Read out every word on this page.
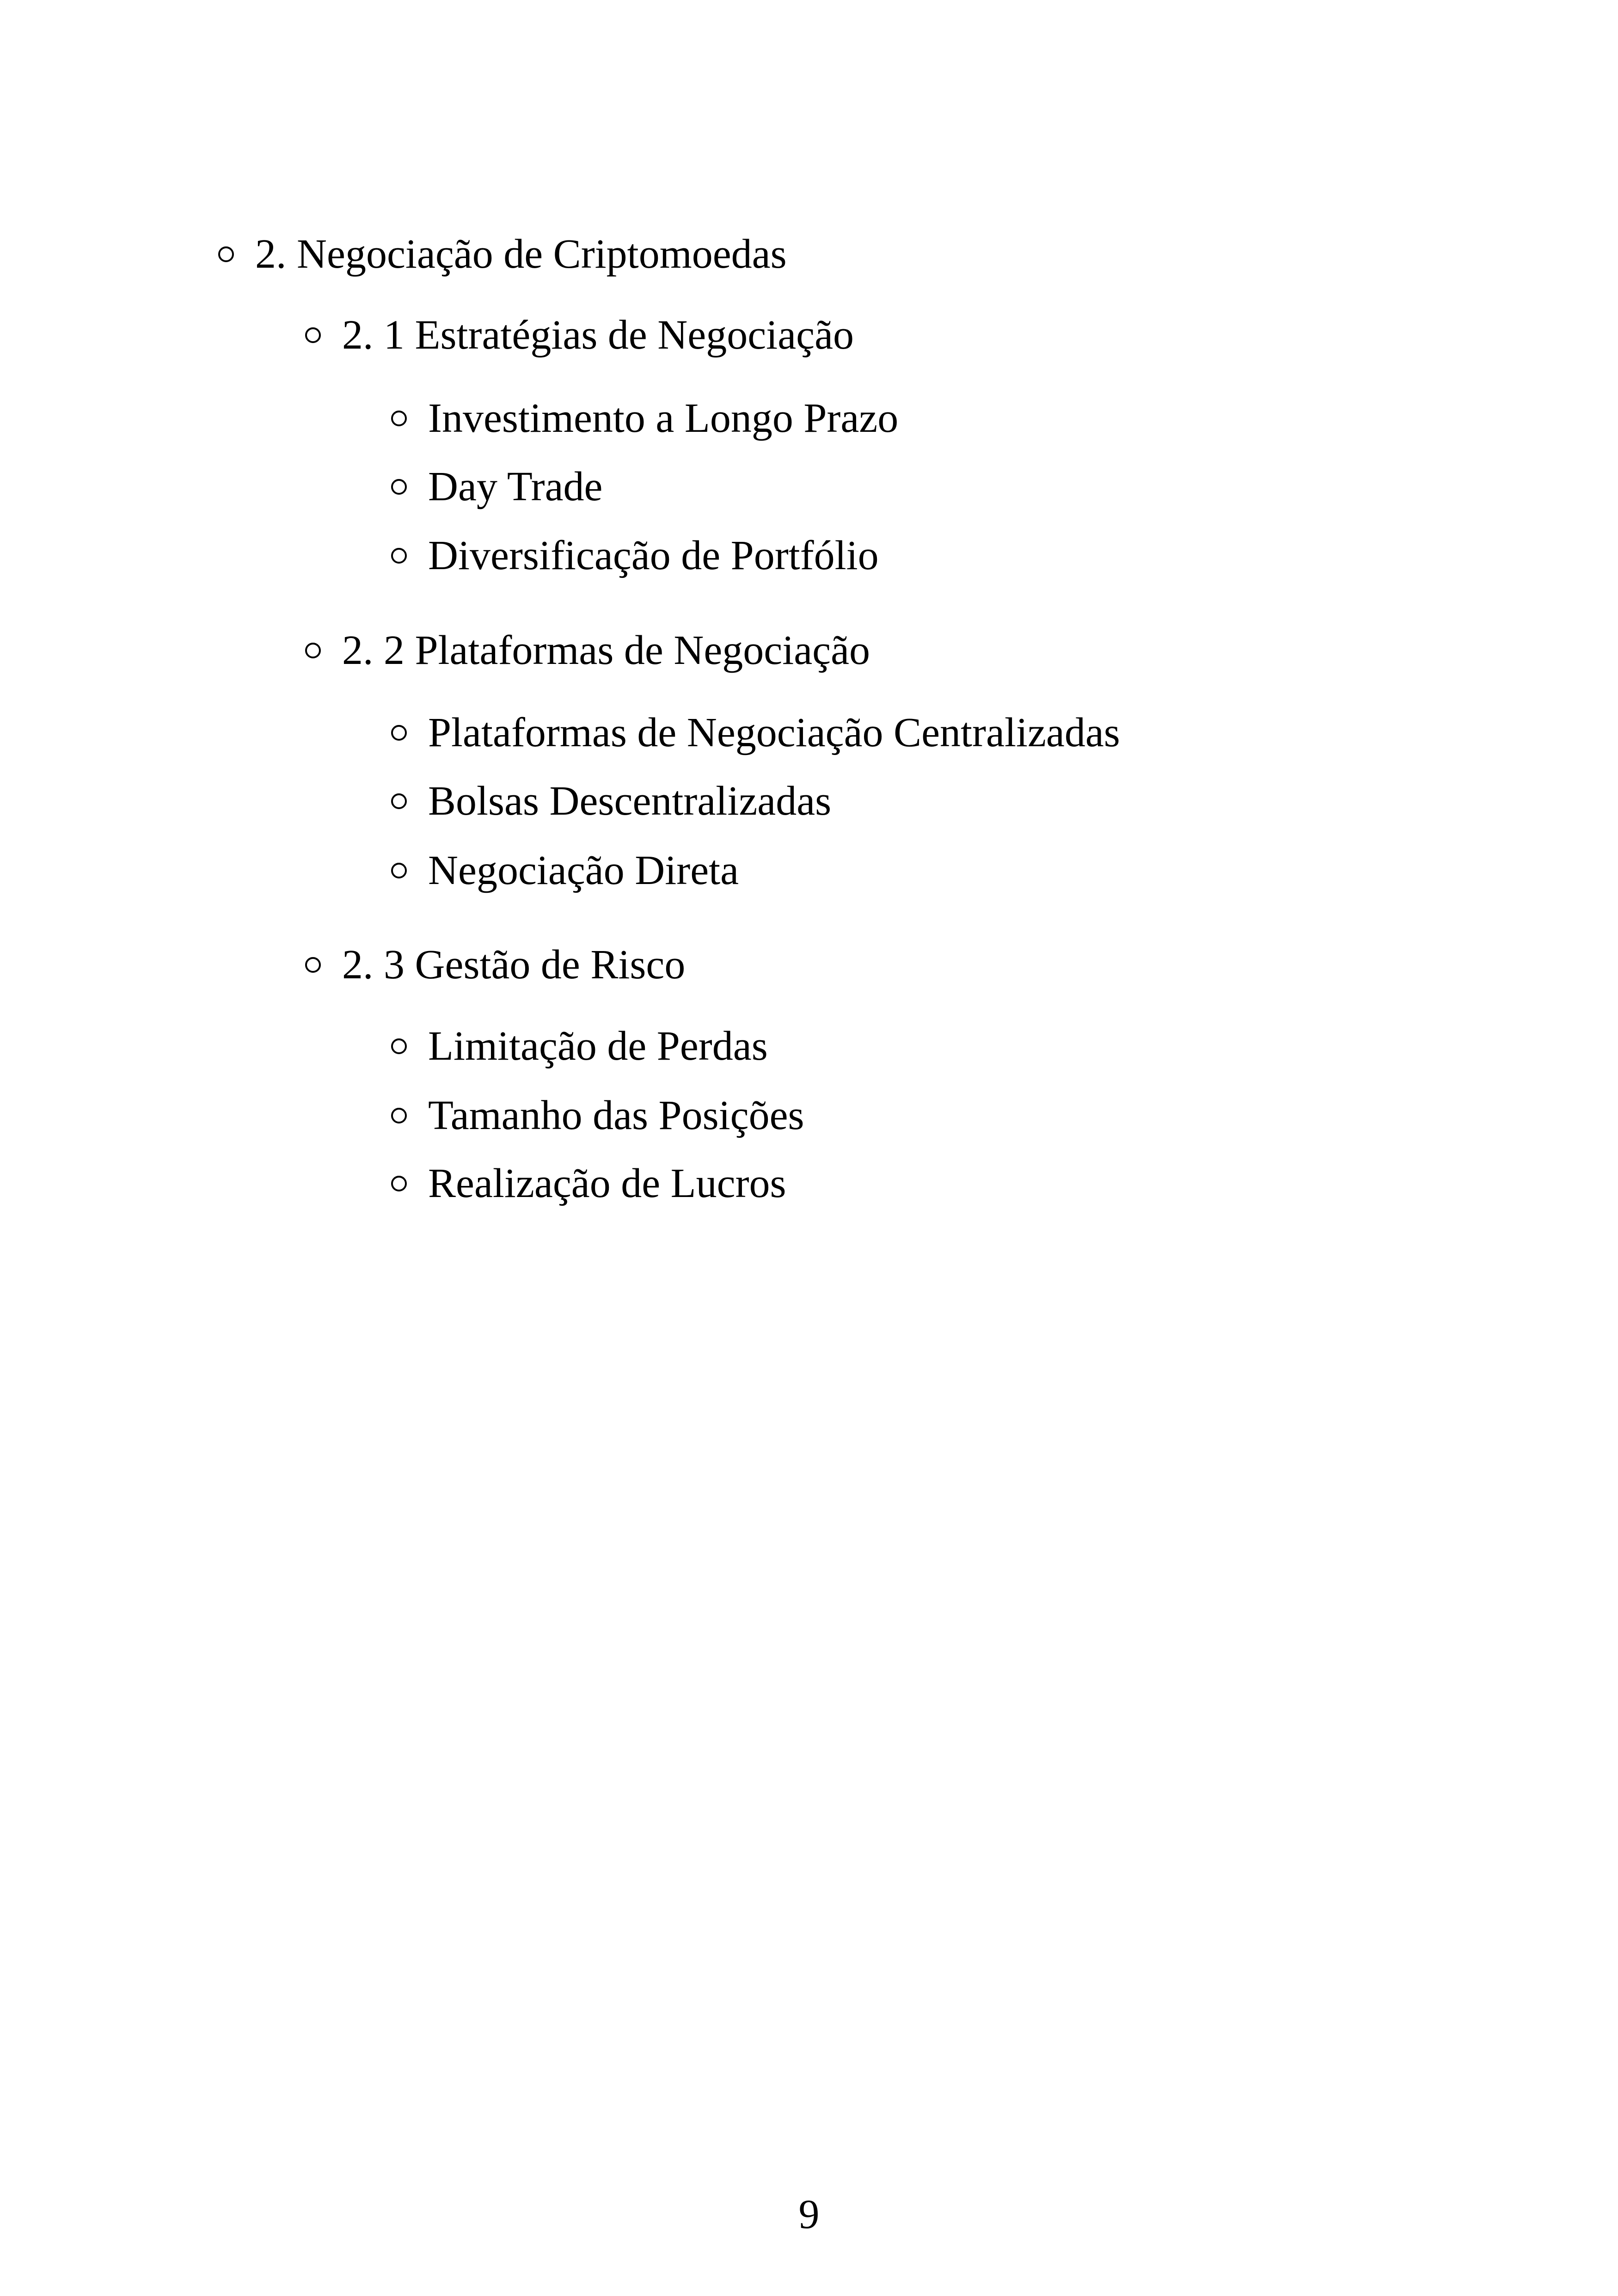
2. Negociação de Criptomoedas
2. 1 Estratégias de Negociação
Investimento a Longo Prazo
Day Trade
Diversificação de Portfólio
2. 2 Plataformas de Negociação
Plataformas de Negociação Centralizadas
Bolsas Descentralizadas
Negociação Direta
2. 3 Gestão de Risco
Limitação de Perdas
Tamanho das Posições
Realização de Lucros
9
